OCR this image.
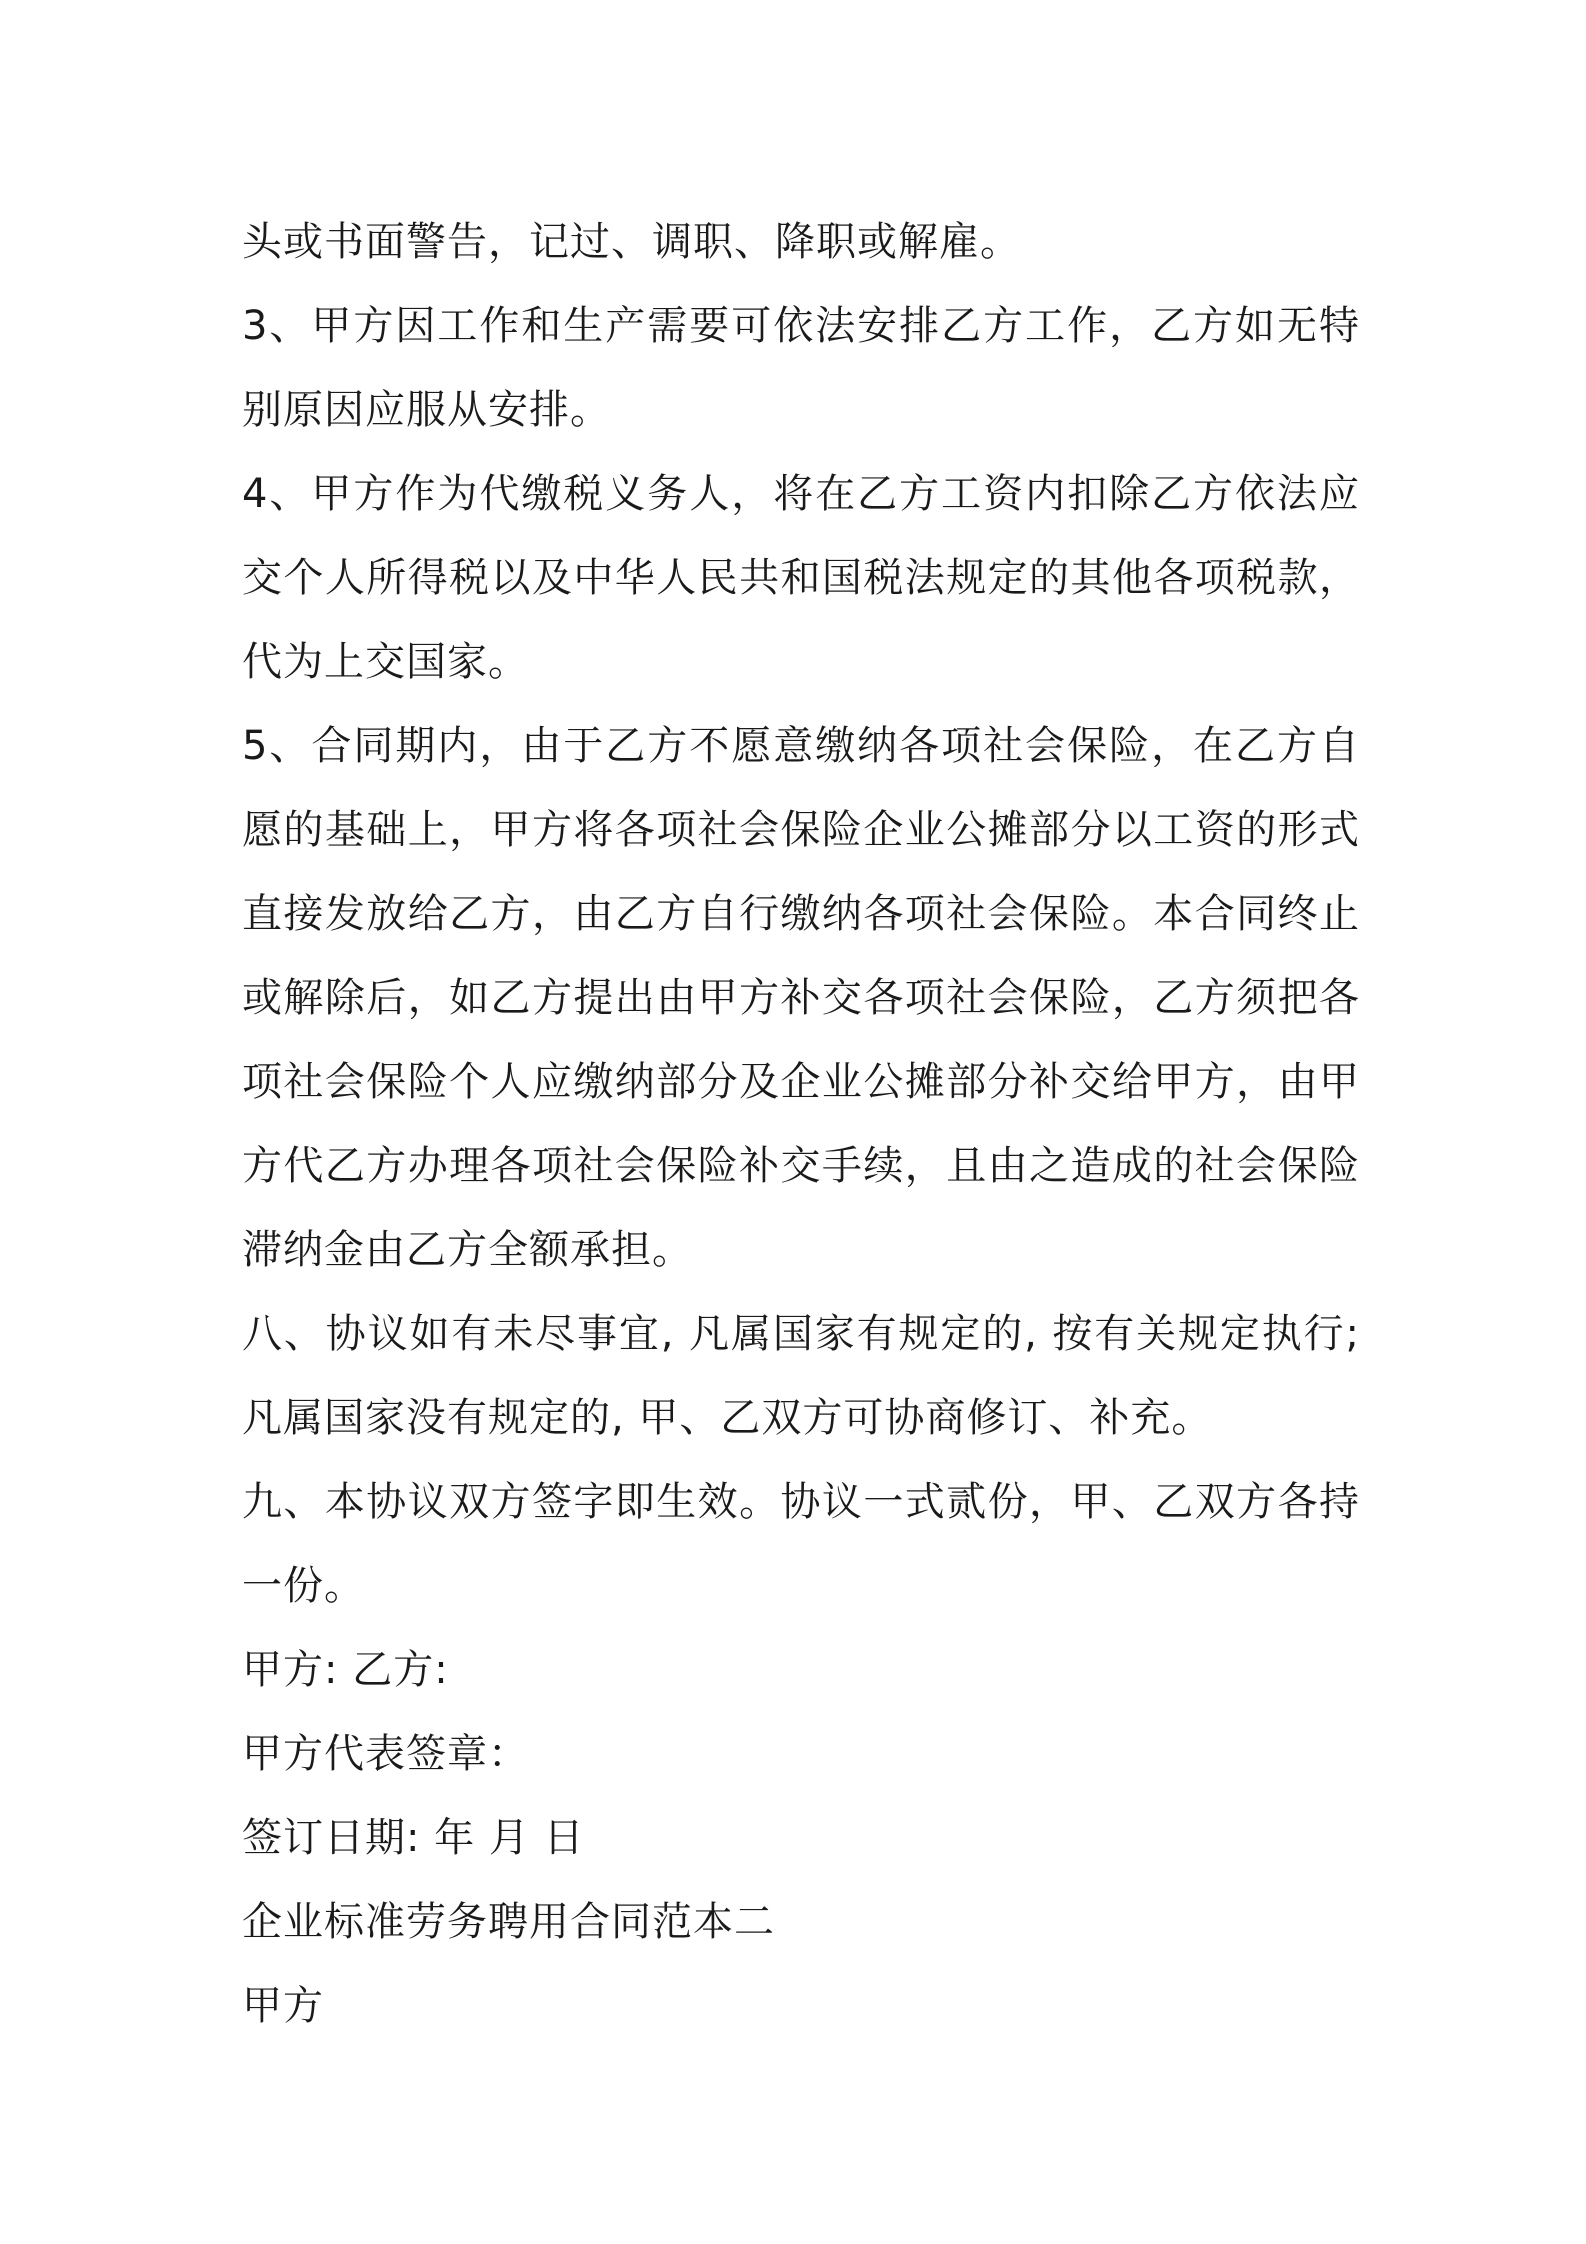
头或书面警告，记过、调职、降职或解雇。

3、甲方因工作和生产需要可依法安排乙方工作，乙方如无特别原因应服从安排。

4、甲方作为代缴税义务人，将在乙方工资内扣除乙方依法应交个人所得税以及中华人民共和国税法规定的其他各项税款，代为上交国家。

5、合同期内，由于乙方不愿意缴纳各项社会保险，在乙方自愿的基础上，甲方将各项社会保险企业公摊部分以工资的形式直接发放给乙方，由乙方自行缴纳各项社会保险。本合同终止或解除后，如乙方提出由甲方补交各项社会保险，乙方须把各项社会保险个人应缴纳部分及企业公摊部分补交给甲方，由甲方代乙方办理各项社会保险补交手续，且由之造成的社会保险滞纳金由乙方全额承担。

八、协议如有未尽事宜, 凡属国家有规定的, 按有关规定执行;凡属国家没有规定的, 甲、乙双方可协商修订、补充。

九、本协议双方签字即生效。协议一式贰份，甲、乙双方各持一份。

甲方: 乙方:

甲方代表签章：

签订日期: 年 月 日

企业标准劳务聘用合同范本二

甲方
